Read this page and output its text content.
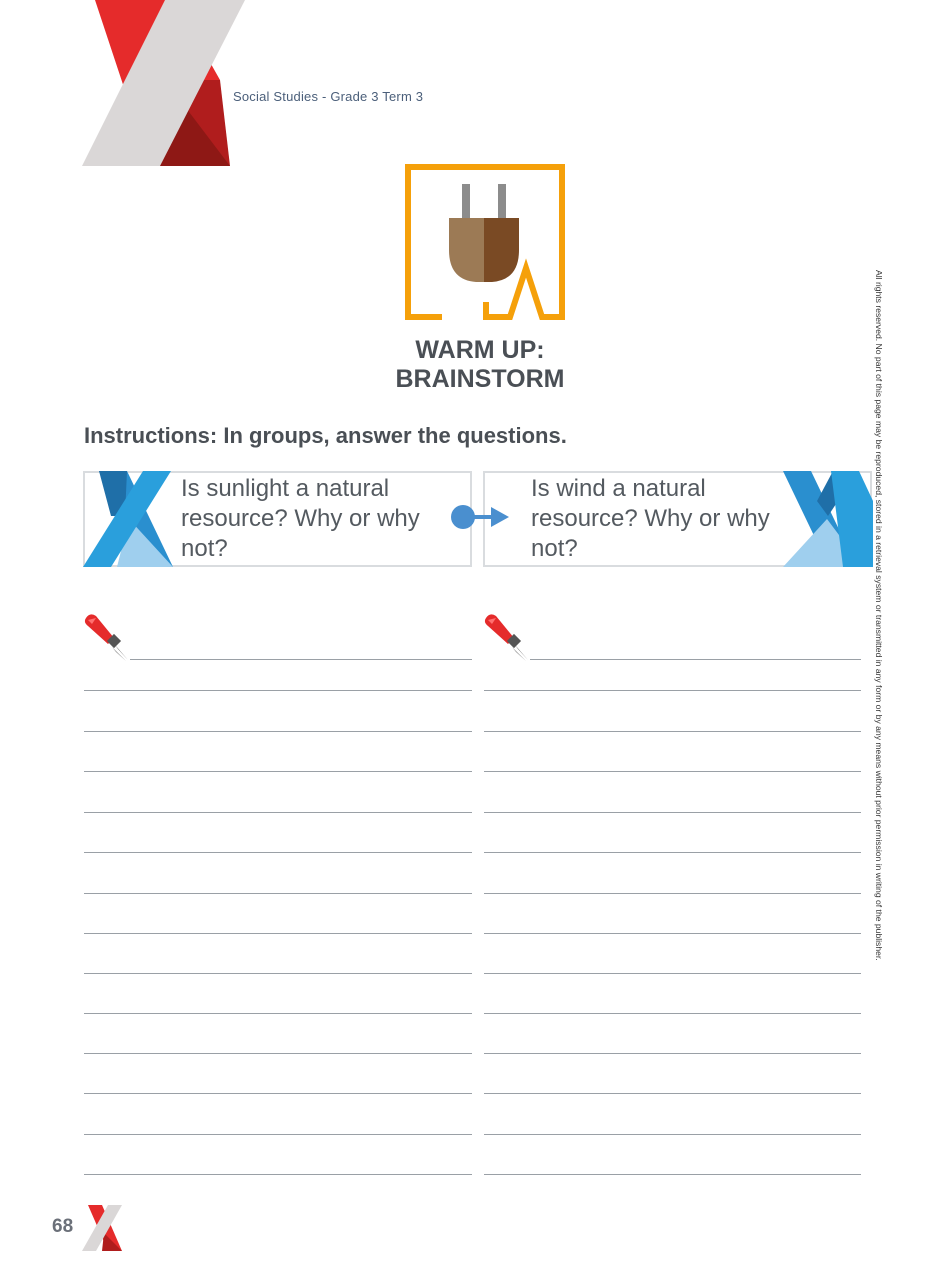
Social Studies - Grade 3 Term 3
WARM UP:
BRAINSTORM
Instructions: In groups, answer the questions.
Is sunlight a natural resource? Why or why not?
Is wind a natural resource? Why or why not?	All rights reserved. No part of this page may be reproduced, stored in a retrieval system or transmitted in any form or by any means without prior permission in writing of the publisher.
68
